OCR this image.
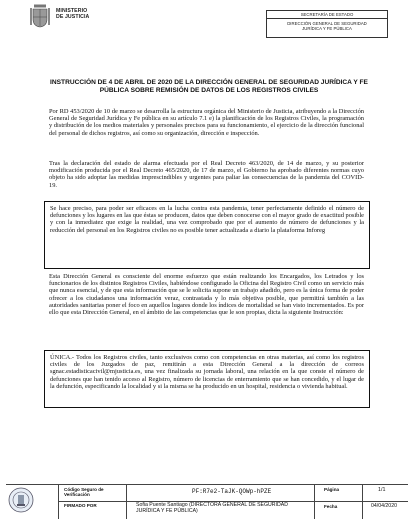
MINISTERIO
DE JUSTICIA	SECRETARÍA DE ESTADO
DIRECCIÓN GENERAL DE SEGURIDAD
JURÍDICA Y FE PÚBLICA
INSTRUCCIÓN DE 4 DE ABRIL DE 2020 DE LA DIRECCIÓN GENERAL DE SEGURIDAD JURÍDICA Y FE PÚBLICA SOBRE REMISIÓN DE DATOS DE LOS REGISTROS CIVILES
Por RD 453/2020 de 10 de marzo se desarrolla la estructura orgánica del Ministerio de Justicia, atribuyendo a la Dirección General de Seguridad Jurídica y Fe pública en su artículo 7.1 e) la planificación de los Registros Civiles, la programación y distribución de los medios materiales y personales precisos para su funcionamiento, el ejercicio de la dirección funcional del personal de dichos registros, así como su organización, dirección e inspección.
Tras la declaración del estado de alarma efectuada por el Real Decreto 463/2020, de 14 de marzo, y su posterior modificación producida por el Real Decreto 465/2020, de 17 de marzo, el Gobierno ha aprobado diferentes normas cuyo objeto ha sido adoptar las medidas imprescindibles y urgentes para paliar las consecuencias de la pandemia del COVID-19.
Se hace preciso, para poder ser eficaces en la lucha contra esta pandemia, tener perfectamente definido el número de defunciones y los lugares en las que éstas se producen, datos que deben conocerse con el mayor grado de exactitud posible y con la inmediatez que exige la realidad, una vez comprobado que por el aumento de número de defunciones y la reducción del personal en los Registros civiles no es posible tener actualizada a diario la plataforma Inforeg
Esta Dirección General es consciente del enorme esfuerzo que están realizando los Encargados, los Letrados y los funcionarios de los distintos Registros Civiles, habiéndose configurado la Oficina del Registro Civil como un servicio más que nunca esencial, y de que esta información que se le solicita supone un trabajo añadido, pero es la única forma de poder ofrecer a los ciudadanos una información veraz, contrastada y lo más objetiva posible, que permitirá también a las autoridades sanitarias poner el foco en aquellos lugares donde los índices de mortalidad se han visto incrementados. Es por ello que esta Dirección General, en el ámbito de las competencias que le son propias, dicta la siguiente Instrucción:
ÚNICA.- Todos los Registros civiles, tanto exclusivos como con competencias en otras materias, así como los registros civiles de los Juzgados de paz, remitirán a esta Dirección General a la dirección de correos sgnac.estadisticacivil@mjusticia.es, una vez finalizada su jornada laboral, una relación en la que conste el número de defunciones que han tenido acceso al Registro, número de licencias de enterramiento que se han concedido, y el lugar de la defunción, especificando la localidad y si la misma se ha producido en un hospital, residencia o vivienda habitual.
Código Seguro de
Verificación	PF:R7e2-TaJK-QOWp-hPZE
FIRMADO POR	Sofia Puente Santiago (DIRECTORA GENERAL DE SEGURIDAD JURÍDICA Y FE PÚBLICA)
Página	1/1
Fecha	04/04/2020
